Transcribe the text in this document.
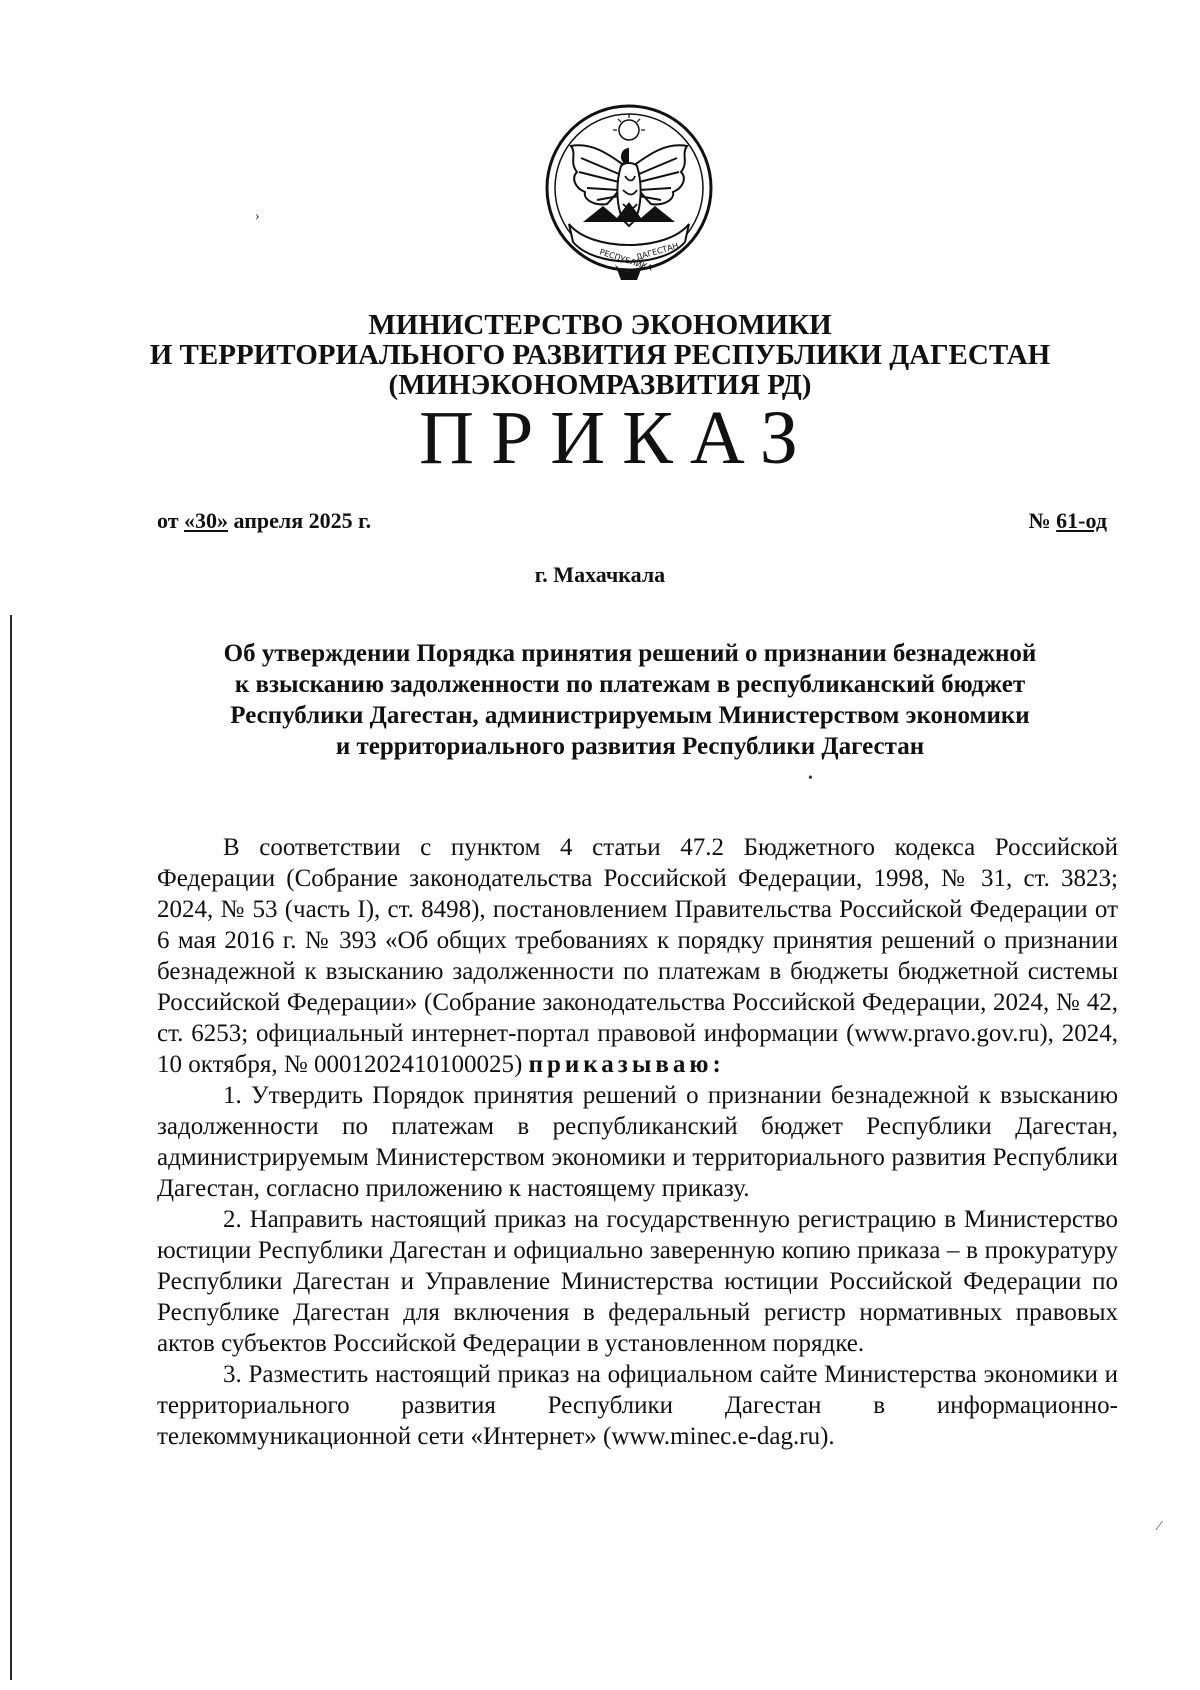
›
•
⁄
РЕСПУБЛИКА
ДАГЕСТАН
МИНИСТЕРСТВО ЭКОНОМИКИ
И ТЕРРИТОРИАЛЬНОГО РАЗВИТИЯ РЕСПУБЛИКИ ДАГЕСТАН
(МИНЭКОНОМРАЗВИТИЯ РД)
ПРИКАЗ
от «30» апреля 2025 г.	№ 61-од
г. Махачкала
Об утверждении Порядка принятия решений о признании безнадежной
к взысканию задолженности по платежам в республиканский бюджет
Республики Дагестан, администрируемым Министерством экономики
и территориального развития Республики Дагестан

В соответствии с пунктом 4 статьи 47.2 Бюджетного кодекса Российской Федерации (Собрание законодательства Российской Федерации, 1998, № 31, ст. 3823; 2024, № 53 (часть I), ст. 8498), постановлением Правительства Российской Федерации от 6 мая 2016 г. № 393 «Об общих требованиях к порядку принятия решений о признании безнадежной к взысканию задолженности по платежам в бюджеты бюджетной системы Российской Федерации» (Собрание законодательства Российской Федерации, 2024, № 42, ст. 6253; официальный интернет-портал правовой информации (www.pravo.gov.ru), 2024, 10 октября, № 0001202410100025) приказываю:

1. Утвердить Порядок принятия решений о признании безнадежной к взысканию задолженности по платежам в республиканский бюджет Республики Дагестан, администрируемым Министерством экономики и территориального развития Республики Дагестан, согласно приложению к настоящему приказу.

2. Направить настоящий приказ на государственную регистрацию в Министерство юстиции Республики Дагестан и официально заверенную копию приказа – в прокуратуру Республики Дагестан и Управление Министерства юстиции Российской Федерации по Республике Дагестан для включения в федеральный регистр нормативных правовых актов субъектов Российской Федерации в установленном порядке.

3. Разместить настоящий приказ на официальном сайте Министерства экономики и территориального развития Республики Дагестан в информационно-телекоммуникационной сети «Интернет» (www.minec.e-dag.ru).
